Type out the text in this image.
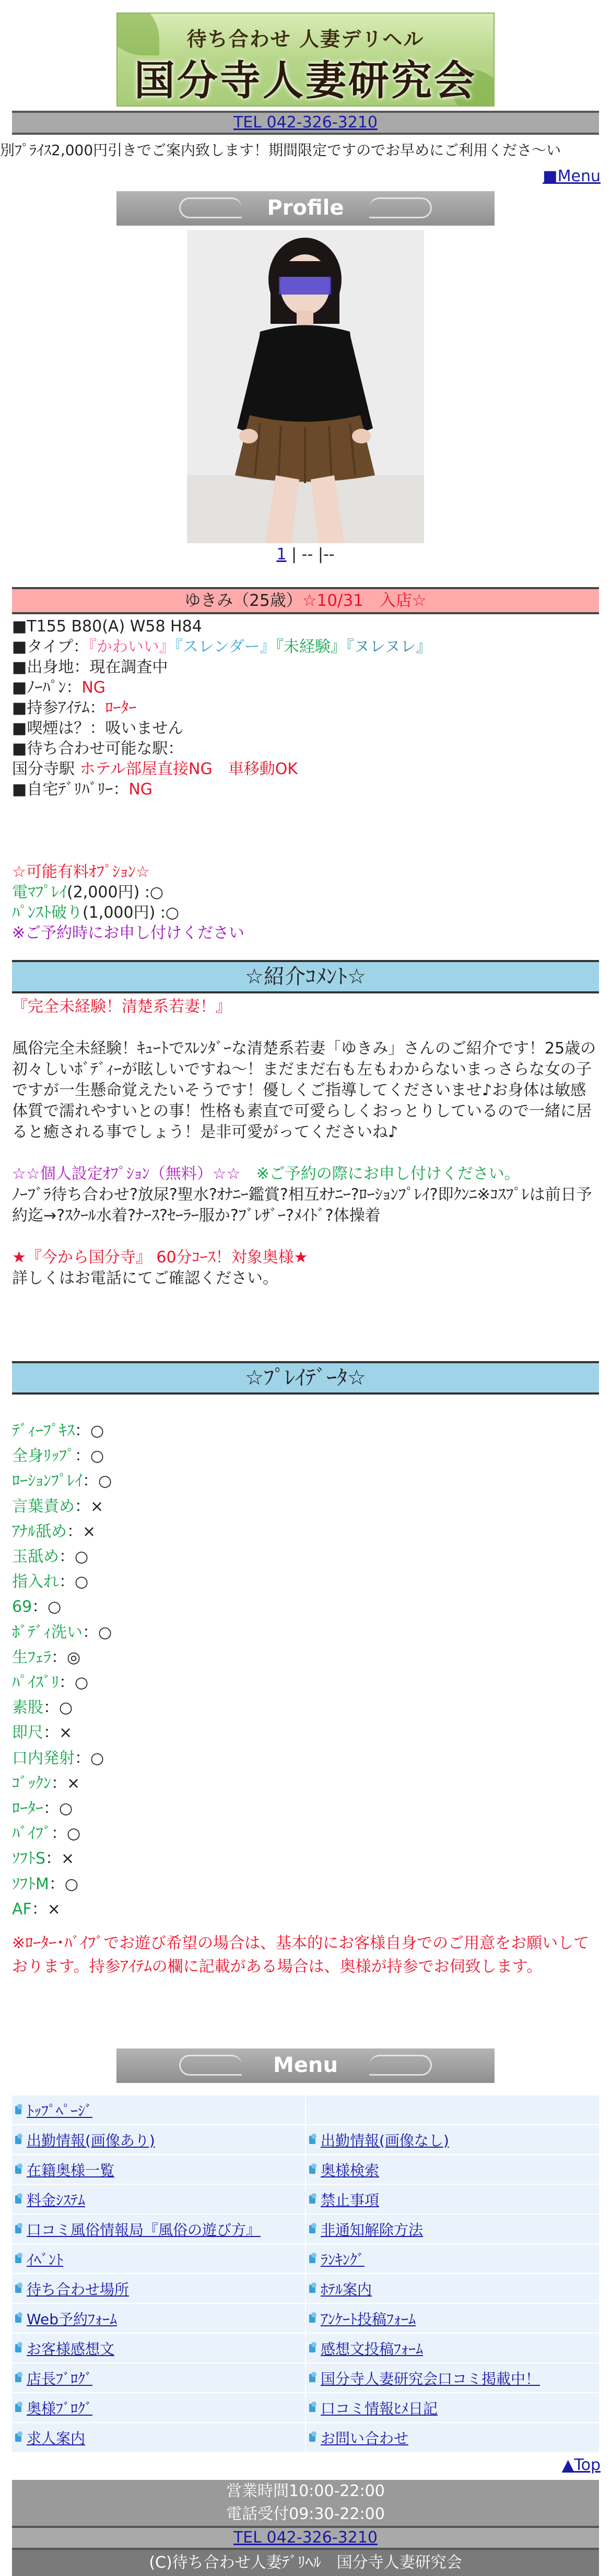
待ち合わせ 人妻デリヘル
国分寺人妻研究会
TEL 042-326-3210
別ﾌﾟﾗｲｽ2,000円引きでご案内致します！期間限定ですのでお早めにご利用くださ〜い
■Menu
Profile
1 | -- |--
ゆきみ（25歳）☆10/31　入店☆
■T155 B80(A) W58 H84
■タイプ：『かわいい』『スレンダー』『未経験』『ヌレヌレ』
■出身地：現在調査中
■ﾉｰﾊﾟﾝ：NG
■持参ｱｲﾃﾑ：ﾛｰﾀｰ
■喫煙は？：吸いません
■待ち合わせ可能な駅：
国分寺駅 ホテル部屋直接NG　車移動OK
■自宅ﾃﾞﾘﾊﾞﾘｰ：NG
☆可能有料ｵﾌﾟｼｮﾝ☆
電ﾏﾌﾟﾚｲ(2,000円) :○
ﾊﾟﾝｽﾄ破り(1,000円) :○
※ご予約時にお申し付けください
☆紹介ｺﾒﾝﾄ☆
『完全未経験！清楚系若妻！』
風俗完全未経験！ｷｭｰﾄでｽﾚﾝﾀﾞｰな清楚系若妻「ゆきみ」さんのご紹介です！25歳の初々しいﾎﾞﾃﾞｨｰが眩しいですね〜！まだまだ右も左もわからないまっさらな女の子ですが一生懸命覚えたいそうです！優しくご指導してくださいませ♪お身体は敏感体質で濡れやすいとの事！性格も素直で可愛らしくおっとりしているので一緒に居ると癒される事でしょう！是非可愛がってくださいね♪
☆☆個人設定ｵﾌﾟｼｮﾝ（無料）☆☆　 ※ご予約の際にお申し付けください。
ﾉｰﾌﾞﾗ待ち合わせ?放尿?聖水?ｵﾅﾆｰ鑑賞?相互ｵﾅﾆｰ?ﾛｰｼｮﾝﾌﾟﾚｲ?即ｸﾝﾆ※ｺｽﾌﾟﾚは前日予約迄→?ｽｸｰﾙ水着?ﾅｰｽ?ｾｰﾗｰ服か?ﾌﾞﾚｻﾞｰ?ﾒｲﾄﾞ?体操着
★『今から国分寺』 60分ｺｰｽ！対象奥様★
詳しくはお電話にてご確認ください。
☆ﾌﾟﾚｲﾃﾞｰﾀ☆
ﾃﾞｨｰﾌﾟｷｽ：○
全身ﾘｯﾌﾟ：○
ﾛｰｼｮﾝﾌﾟﾚｲ：○
言葉責め：×
ｱﾅﾙ舐め：×
玉舐め：○
指入れ：○
69：○
ﾎﾞﾃﾞｨ洗い：○
生ﾌｪﾗ：◎
ﾊﾟｲｽﾞﾘ：○
素股：○
即尺：×
口内発射：○
ｺﾞｯｸﾝ：×
ﾛｰﾀｰ：○
ﾊﾞｲﾌﾞ：○
ｿﾌﾄS：×
ｿﾌﾄM：○
AF：×
※ﾛｰﾀｰ･ﾊﾞｲﾌﾞでお遊び希望の場合は、基本的にお客様自身でのご用意をお願いしております。持参ｱｲﾃﾑの欄に記載がある場合は、奥様が持参でお伺致します。
Menu
ﾄｯﾌﾟﾍﾟｰｼﾞ
出勤情報(画像あり)	出勤情報(画像なし)
在籍奥様一覧	奥様検索
料金ｼｽﾃﾑ	禁止事項
口コミ風俗情報局『風俗の遊び方』	非通知解除方法
ｲﾍﾞﾝﾄ	ﾗﾝｷﾝｸﾞ
待ち合わせ場所	ﾎﾃﾙ案内
Web予約ﾌｫｰﾑ	ｱﾝｹｰﾄ投稿ﾌｫｰﾑ
お客様感想文	感想文投稿ﾌｫｰﾑ
店長ﾌﾞﾛｸﾞ	国分寺人妻研究会口コミ掲載中！
奥様ﾌﾞﾛｸﾞ	口コミ情報ﾋﾒ日記
求人案内	お問い合わせ
▲Top
営業時間10:00-22:00
電話受付09:30-22:00
TEL 042-326-3210
(C)待ち合わせ人妻ﾃﾞﾘﾍﾙ　国分寺人妻研究会
